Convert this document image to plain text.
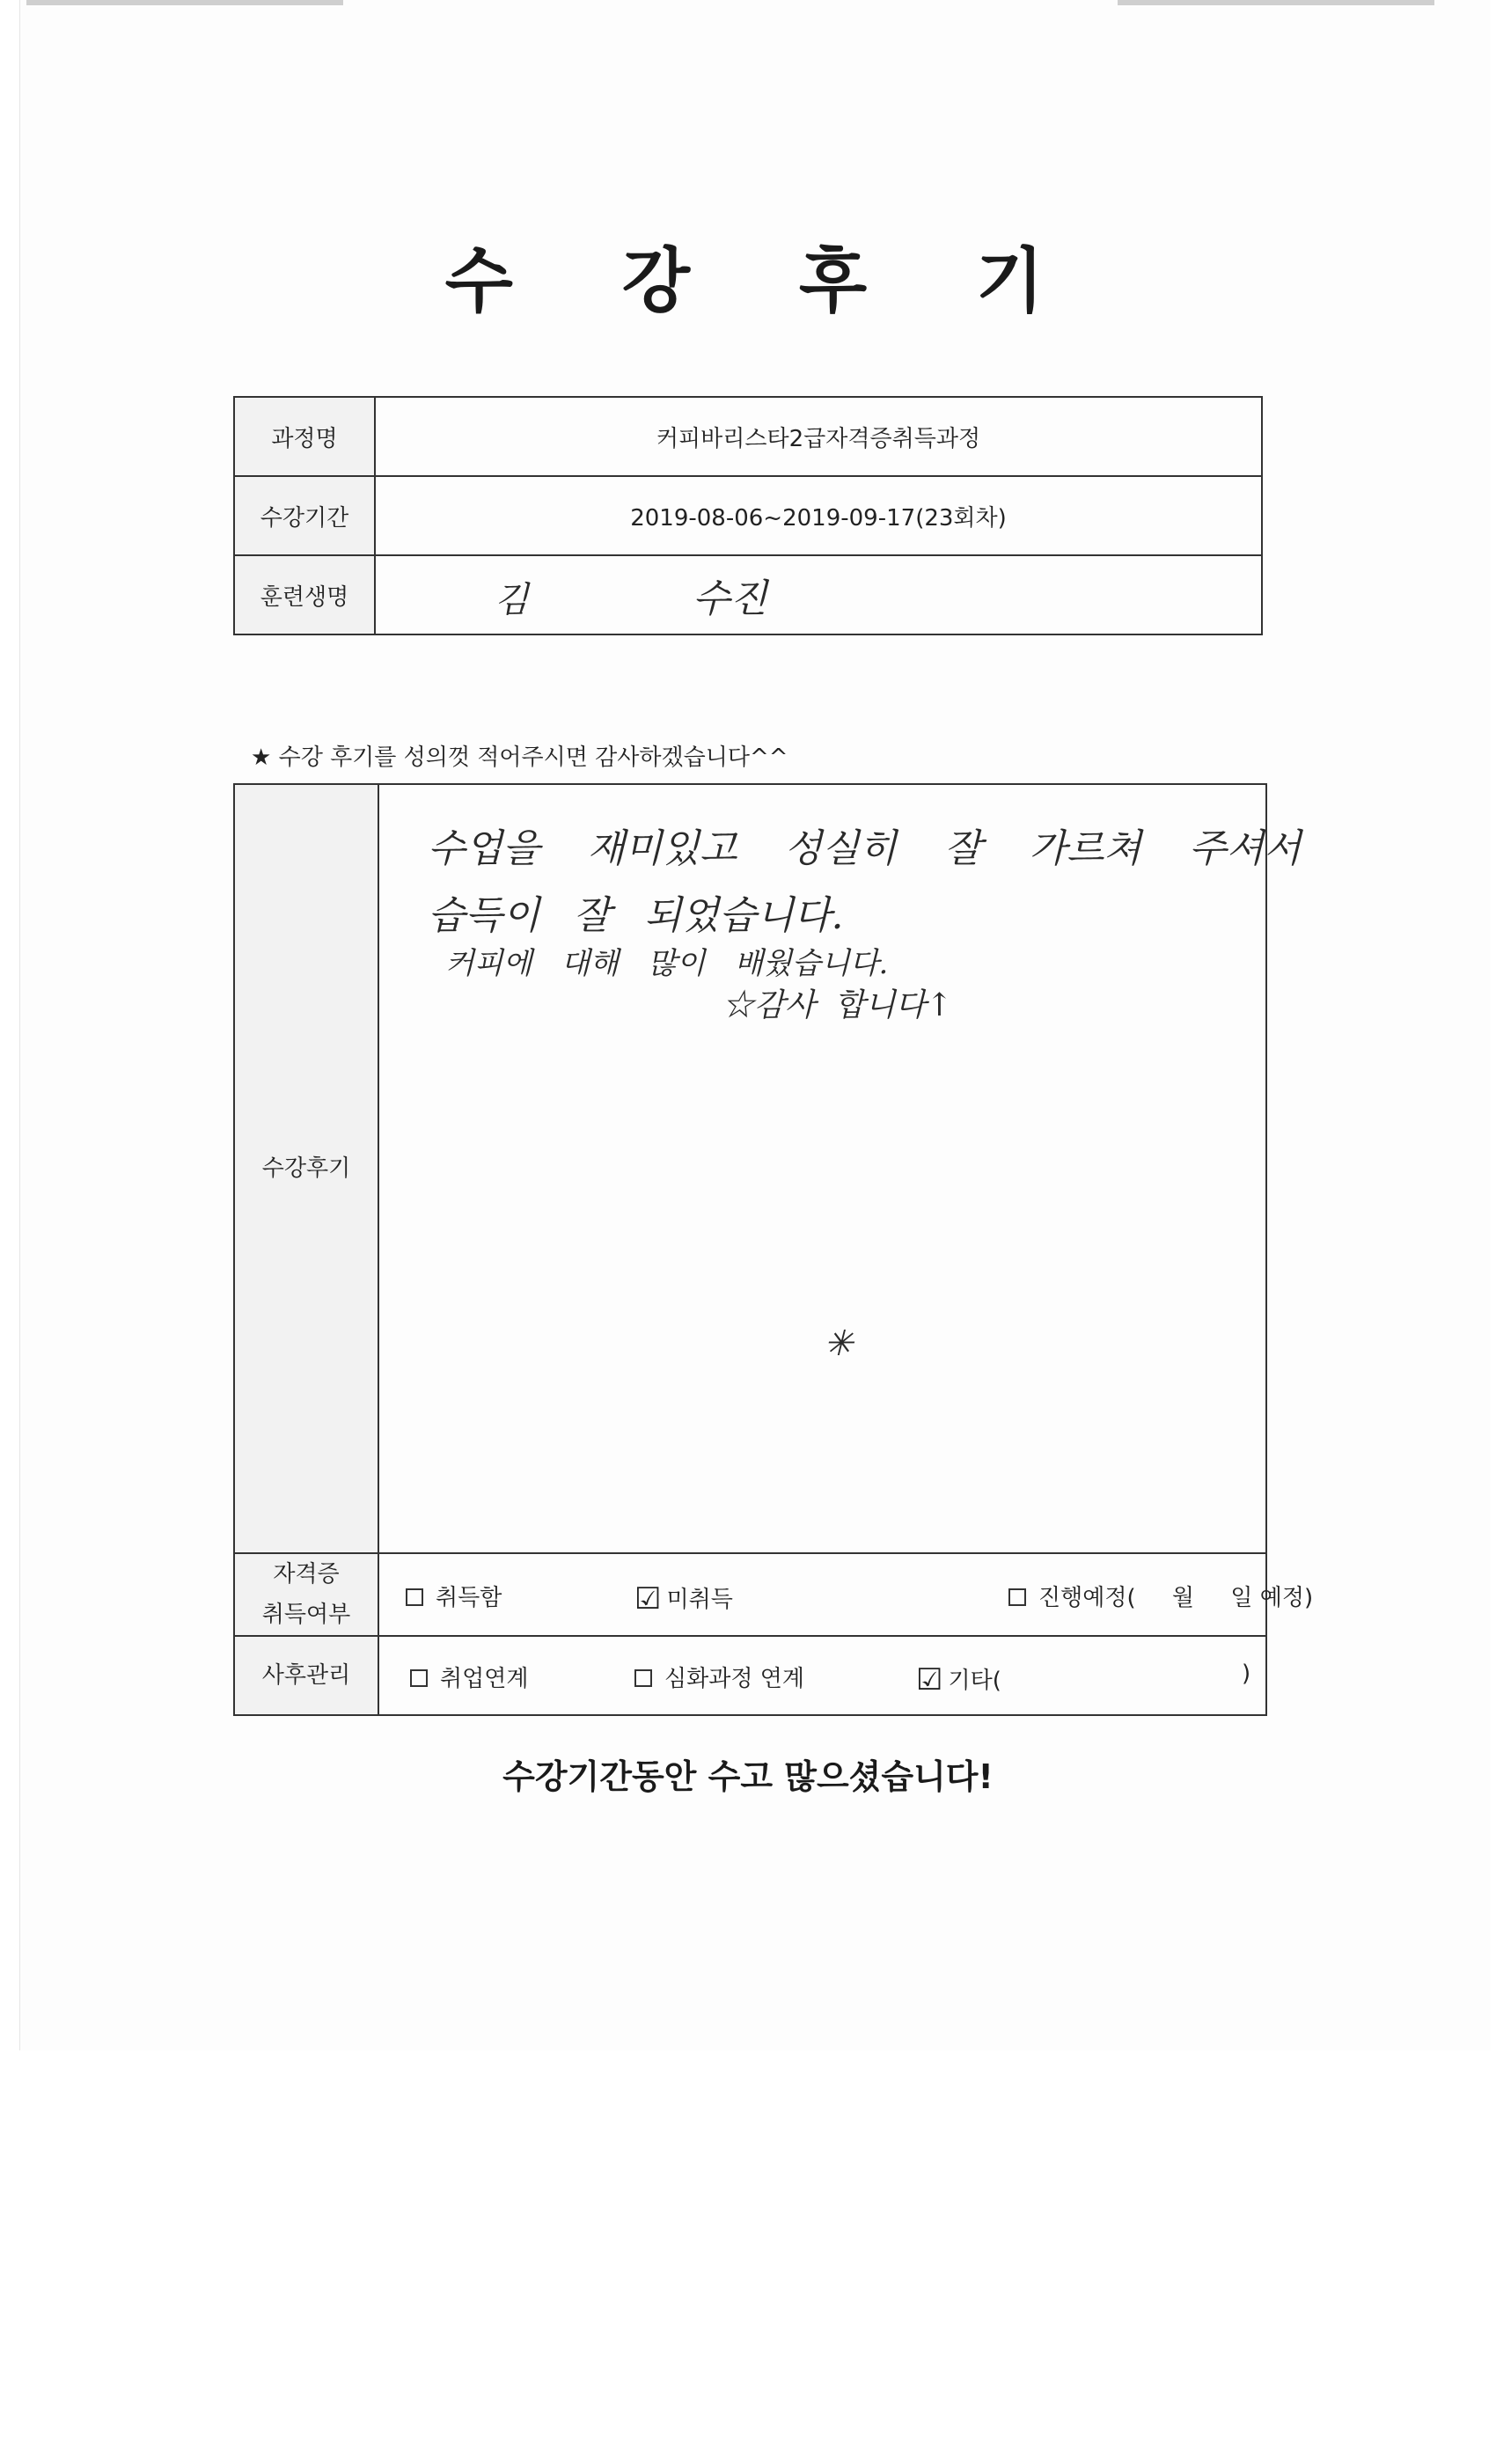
수 강 후 기
과정명	커피바리스타2급자격증취득과정
수강기간	2019-08-06~2019-09-17(23회차)
훈련생명	김 수진
★ 수강 후기를 성의껏 적어주시면 감사하겠습니다^^
수강후기	수업을 재미있고 성실히 잘 가르쳐 주셔서
습득이 잘 되었습니다.
커피에 대해 많이 배웠습니다.
☆감사 합니다↑
✳

자격증
취득여부	취득함 ☑ 미취득 진행예정(     월     일 예정)

사후관리	취업연계 심화과정 연계 ☑ 기타( )
수강기간동안 수고 많으셨습니다!
